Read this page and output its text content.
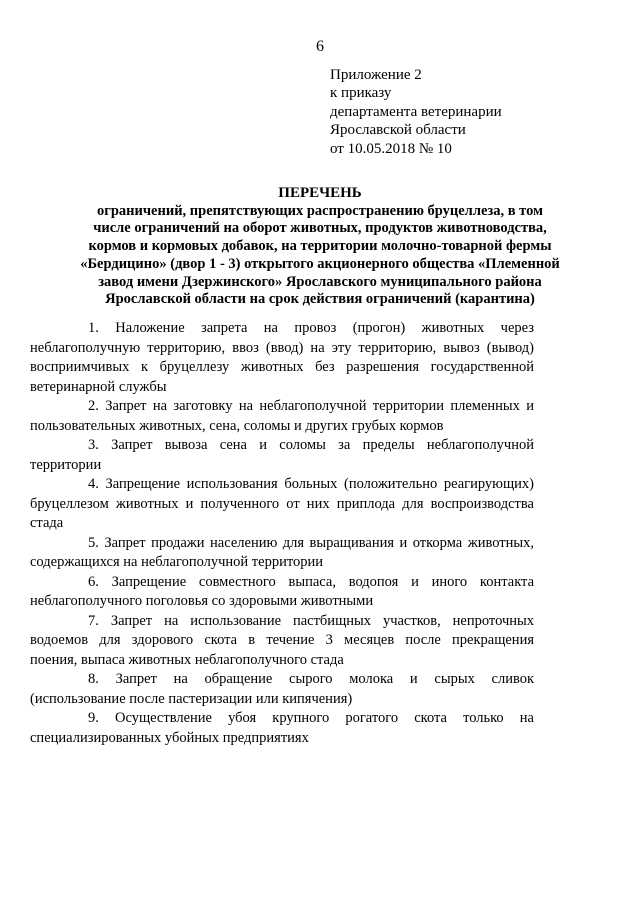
6
Приложение 2
к приказу
департамента ветеринарии
Ярославской области
от 10.05.2018 № 10
ПЕРЕЧЕНЬ
ограничений, препятствующих распространению бруцеллеза, в том
числе ограничений на оборот животных, продуктов животноводства,
кормов и кормовых добавок, на территории молочно-товарной фермы
«Бердицино» (двор 1 - 3) открытого акционерного общества «Племенной
завод имени Дзержинского» Ярославского муниципального района
Ярославской области на срок действия ограничений (карантина)
1. Наложение запрета на провоз (прогон) животных через
неблагополучную территорию, ввоз (ввод) на эту территорию, вывоз (вывод)
восприимчивых к бруцеллезу животных без разрешения государственной
ветеринарной службы
2. Запрет на заготовку на неблагополучной территории племенных и
пользовательных животных, сена, соломы и других грубых кормов
3. Запрет вывоза сена и соломы за пределы неблагополучной
территории
4. Запрещение использования больных (положительно реагирующих)
бруцеллезом животных и полученного от них приплода для воспроизводства
стада
5. Запрет продажи населению для выращивания и откорма животных,
содержащихся на неблагополучной территории
6. Запрещение совместного выпаса, водопоя и иного контакта
неблагополучного поголовья со здоровыми животными
7. Запрет на использование пастбищных участков, непроточных
водоемов для здорового скота в течение 3 месяцев после прекращения
поения, выпаса животных неблагополучного стада
8. Запрет на обращение сырого молока и сырых сливок
(использование после пастеризации или кипячения)
9. Осуществление убоя крупного рогатого скота только на
специализированных убойных предприятиях
